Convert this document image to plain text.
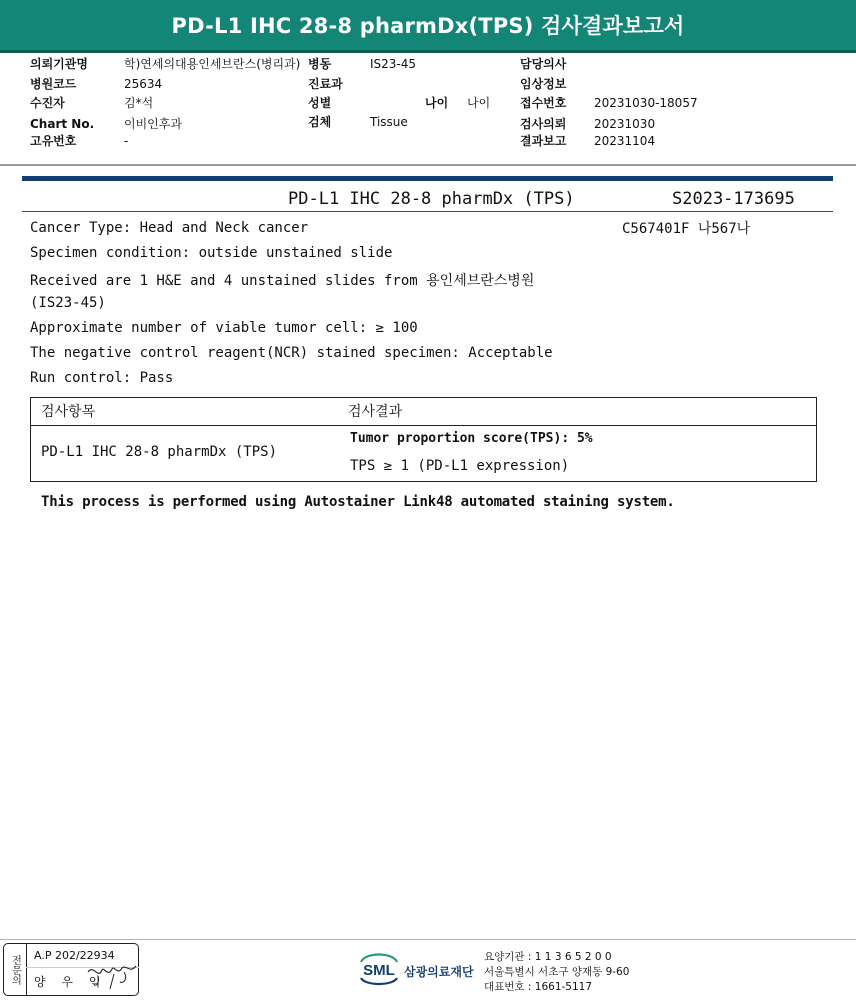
PD-L1 IHC 28-8 pharmDx(TPS) 검사결과보고서
의뢰기관명
병원코드
수진자
Chart No.
고유번호
학)연세의대용인세브란스(병리과)
25634
김*석
이비인후과
-
병동
진료과
성별
검체
IS23-45
Tissue
나이 나이
담당의사
임상정보
접수번호
검사의뢰
결과보고
20231030-18057
20231030
20231104
PD-L1 IHC 28-8 pharmDx (TPS)	S2023-173695
C567401F 나567나
Cancer Type: Head and Neck cancer
Specimen condition: outside unstained slide
Received are 1 H&E and 4 unstained slides from 용인세브란스병원
(IS23-45)
Approximate number of viable tumor cell: ≥ 100
The negative control reagent(NCR) stained specimen: Acceptable
Run control: Pass
검사항목	검사결과
PD-L1 IHC 28-8 pharmDx (TPS)
Tumor proportion score(TPS): 5%
TPS ≥ 1 (PD-L1 expression)
This process is performed using Autostainer Link48 automated staining system.
전문의 A.P 202/22934
양 우 익
SML 삼광의료재단
요양기관 : 1 1 3 6 5 2 0 0
서울특별시 서초구 양재동 9-60
대표번호 : 1661-5117
